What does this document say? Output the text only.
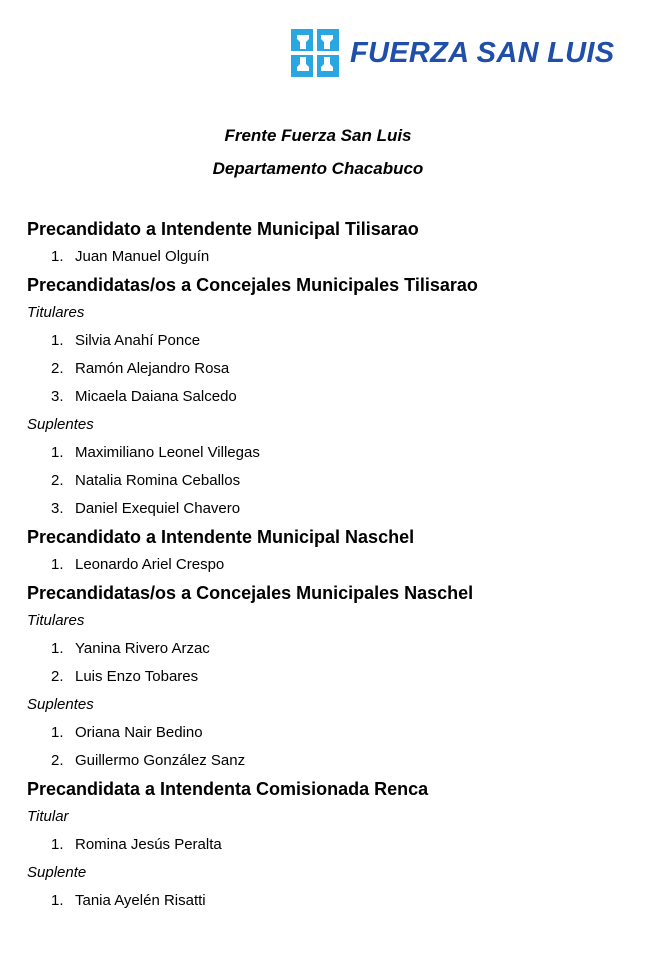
FUERZA SAN LUIS
Frente Fuerza San Luis
Departamento Chacabuco
Precandidato a Intendente Municipal Tilisarao
1. Juan Manuel Olguín
Precandidatas/os a Concejales Municipales Tilisarao
Titulares
1. Silvia Anahí Ponce
2. Ramón Alejandro Rosa
3. Micaela Daiana Salcedo
Suplentes
1. Maximiliano Leonel Villegas
2. Natalia Romina Ceballos
3. Daniel Exequiel Chavero
Precandidato a Intendente Municipal Naschel
1. Leonardo Ariel Crespo
Precandidatas/os a Concejales Municipales Naschel
Titulares
1. Yanina Rivero Arzac
2. Luis Enzo Tobares
Suplentes
1. Oriana Nair Bedino
2. Guillermo González Sanz
Precandidata a Intendenta Comisionada Renca
Titular
1. Romina Jesús Peralta
Suplente
1. Tania Ayelén Risatti
